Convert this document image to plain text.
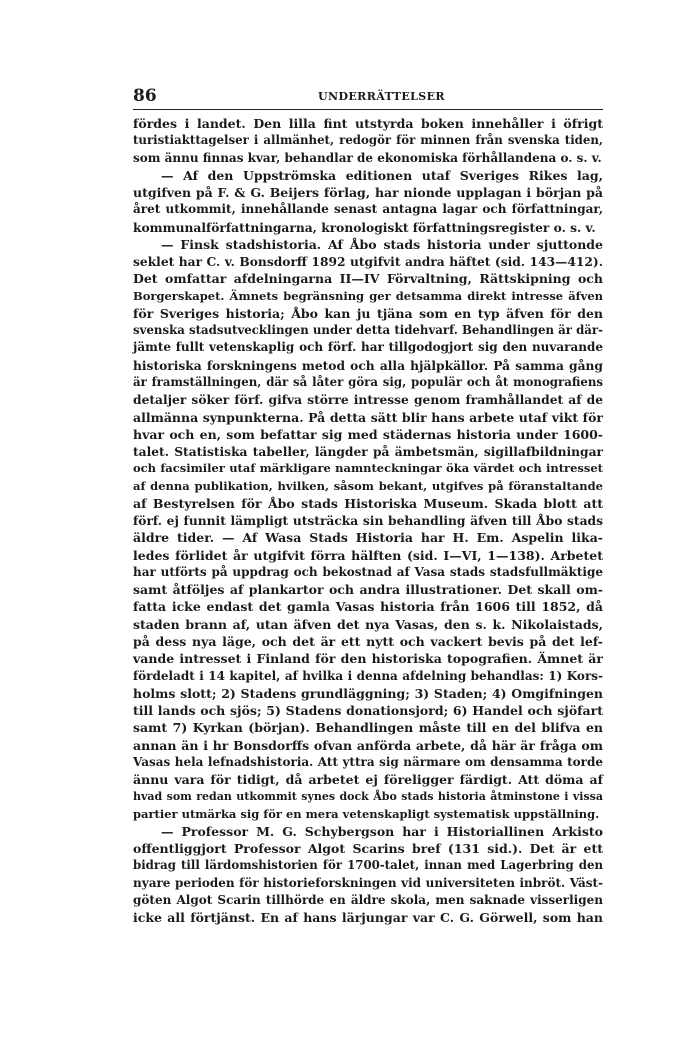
86	UNDERRÄTTELSER
fördes i landet. Den lilla fint utstyrda boken innehåller i öfrigt
turistiakttagelser i allmänhet, redogör för minnen från svenska tiden,
som ännu finnas kvar, behandlar de ekonomiska förhållandena o. s. v.
— Af den Uppströmska editionen utaf Sveriges Rikes lag,
utgifven på F. & G. Beijers förlag, har nionde upplagan i början på
året utkommit, innehållande senast antagna lagar och författningar,
kommunalförfattningarna, kronologiskt författningsregister o. s. v.
— Finsk stadshistoria. Af Åbo stads historia under sjuttonde
seklet har C. v. Bonsdorff 1892 utgifvit andra häftet (sid. 143—412).
Det omfattar afdelningarna II—IV Förvaltning, Rättskipning och
Borgerskapet. Ämnets begränsning ger detsamma direkt intresse äfven
för Sveriges historia; Åbo kan ju tjäna som en typ äfven för den
svenska stadsutvecklingen under detta tidehvarf. Behandlingen är där-
jämte fullt vetenskaplig och förf. har tillgodogjort sig den nuvarande
historiska forskningens metod och alla hjälpkällor. På samma gång
är framställningen, där så låter göra sig, populär och åt monografiens
detaljer söker förf. gifva större intresse genom framhållandet af de
allmänna synpunkterna. På detta sätt blir hans arbete utaf vikt för
hvar och en, som befattar sig med städernas historia under 1600-
talet. Statistiska tabeller, längder på ämbetsmän, sigillafbildningar
och facsimiler utaf märkligare namnteckningar öka värdet och intresset
af denna publikation, hvilken, såsom bekant, utgifves på föranstaltande
af Bestyrelsen för Åbo stads Historiska Museum. Skada blott att
förf. ej funnit lämpligt utsträcka sin behandling äfven till Åbo stads
äldre tider. — Af Wasa Stads Historia har H. Em. Aspelin lika-
ledes förlidet år utgifvit förra hälften (sid. I—VI, 1—138). Arbetet
har utförts på uppdrag och bekostnad af Vasa stads stadsfullmäktige
samt åtföljes af plankartor och andra illustrationer. Det skall om-
fatta icke endast det gamla Vasas historia från 1606 till 1852, då
staden brann af, utan äfven det nya Vasas, den s. k. Nikolaistads,
på dess nya läge, och det är ett nytt och vackert bevis på det lef-
vande intresset i Finland för den historiska topografien. Ämnet är
fördeladt i 14 kapitel, af hvilka i denna afdelning behandlas: 1) Kors-
holms slott; 2) Stadens grundläggning; 3) Staden; 4) Omgifningen
till lands och sjös; 5) Stadens donationsjord; 6) Handel och sjöfart
samt 7) Kyrkan (början). Behandlingen måste till en del blifva en
annan än i hr Bonsdorffs ofvan anförda arbete, då här är fråga om
Vasas hela lefnadshistoria. Att yttra sig närmare om densamma torde
ännu vara för tidigt, då arbetet ej föreligger färdigt. Att döma af
hvad som redan utkommit synes dock Åbo stads historia åtminstone i vissa
partier utmärka sig för en mera vetenskapligt systematisk uppställning.
— Professor M. G. Schybergson har i Historiallinen Arkisto
offentliggjort Professor Algot Scarins bref (131 sid.). Det är ett
bidrag till lärdomshistorien för 1700-talet, innan med Lagerbring den
nyare perioden för historieforskningen vid universiteten inbröt. Väst-
göten Algot Scarin tillhörde en äldre skola, men saknade visserligen
icke all förtjänst. En af hans lärjungar var C. G. Görwell, som han
